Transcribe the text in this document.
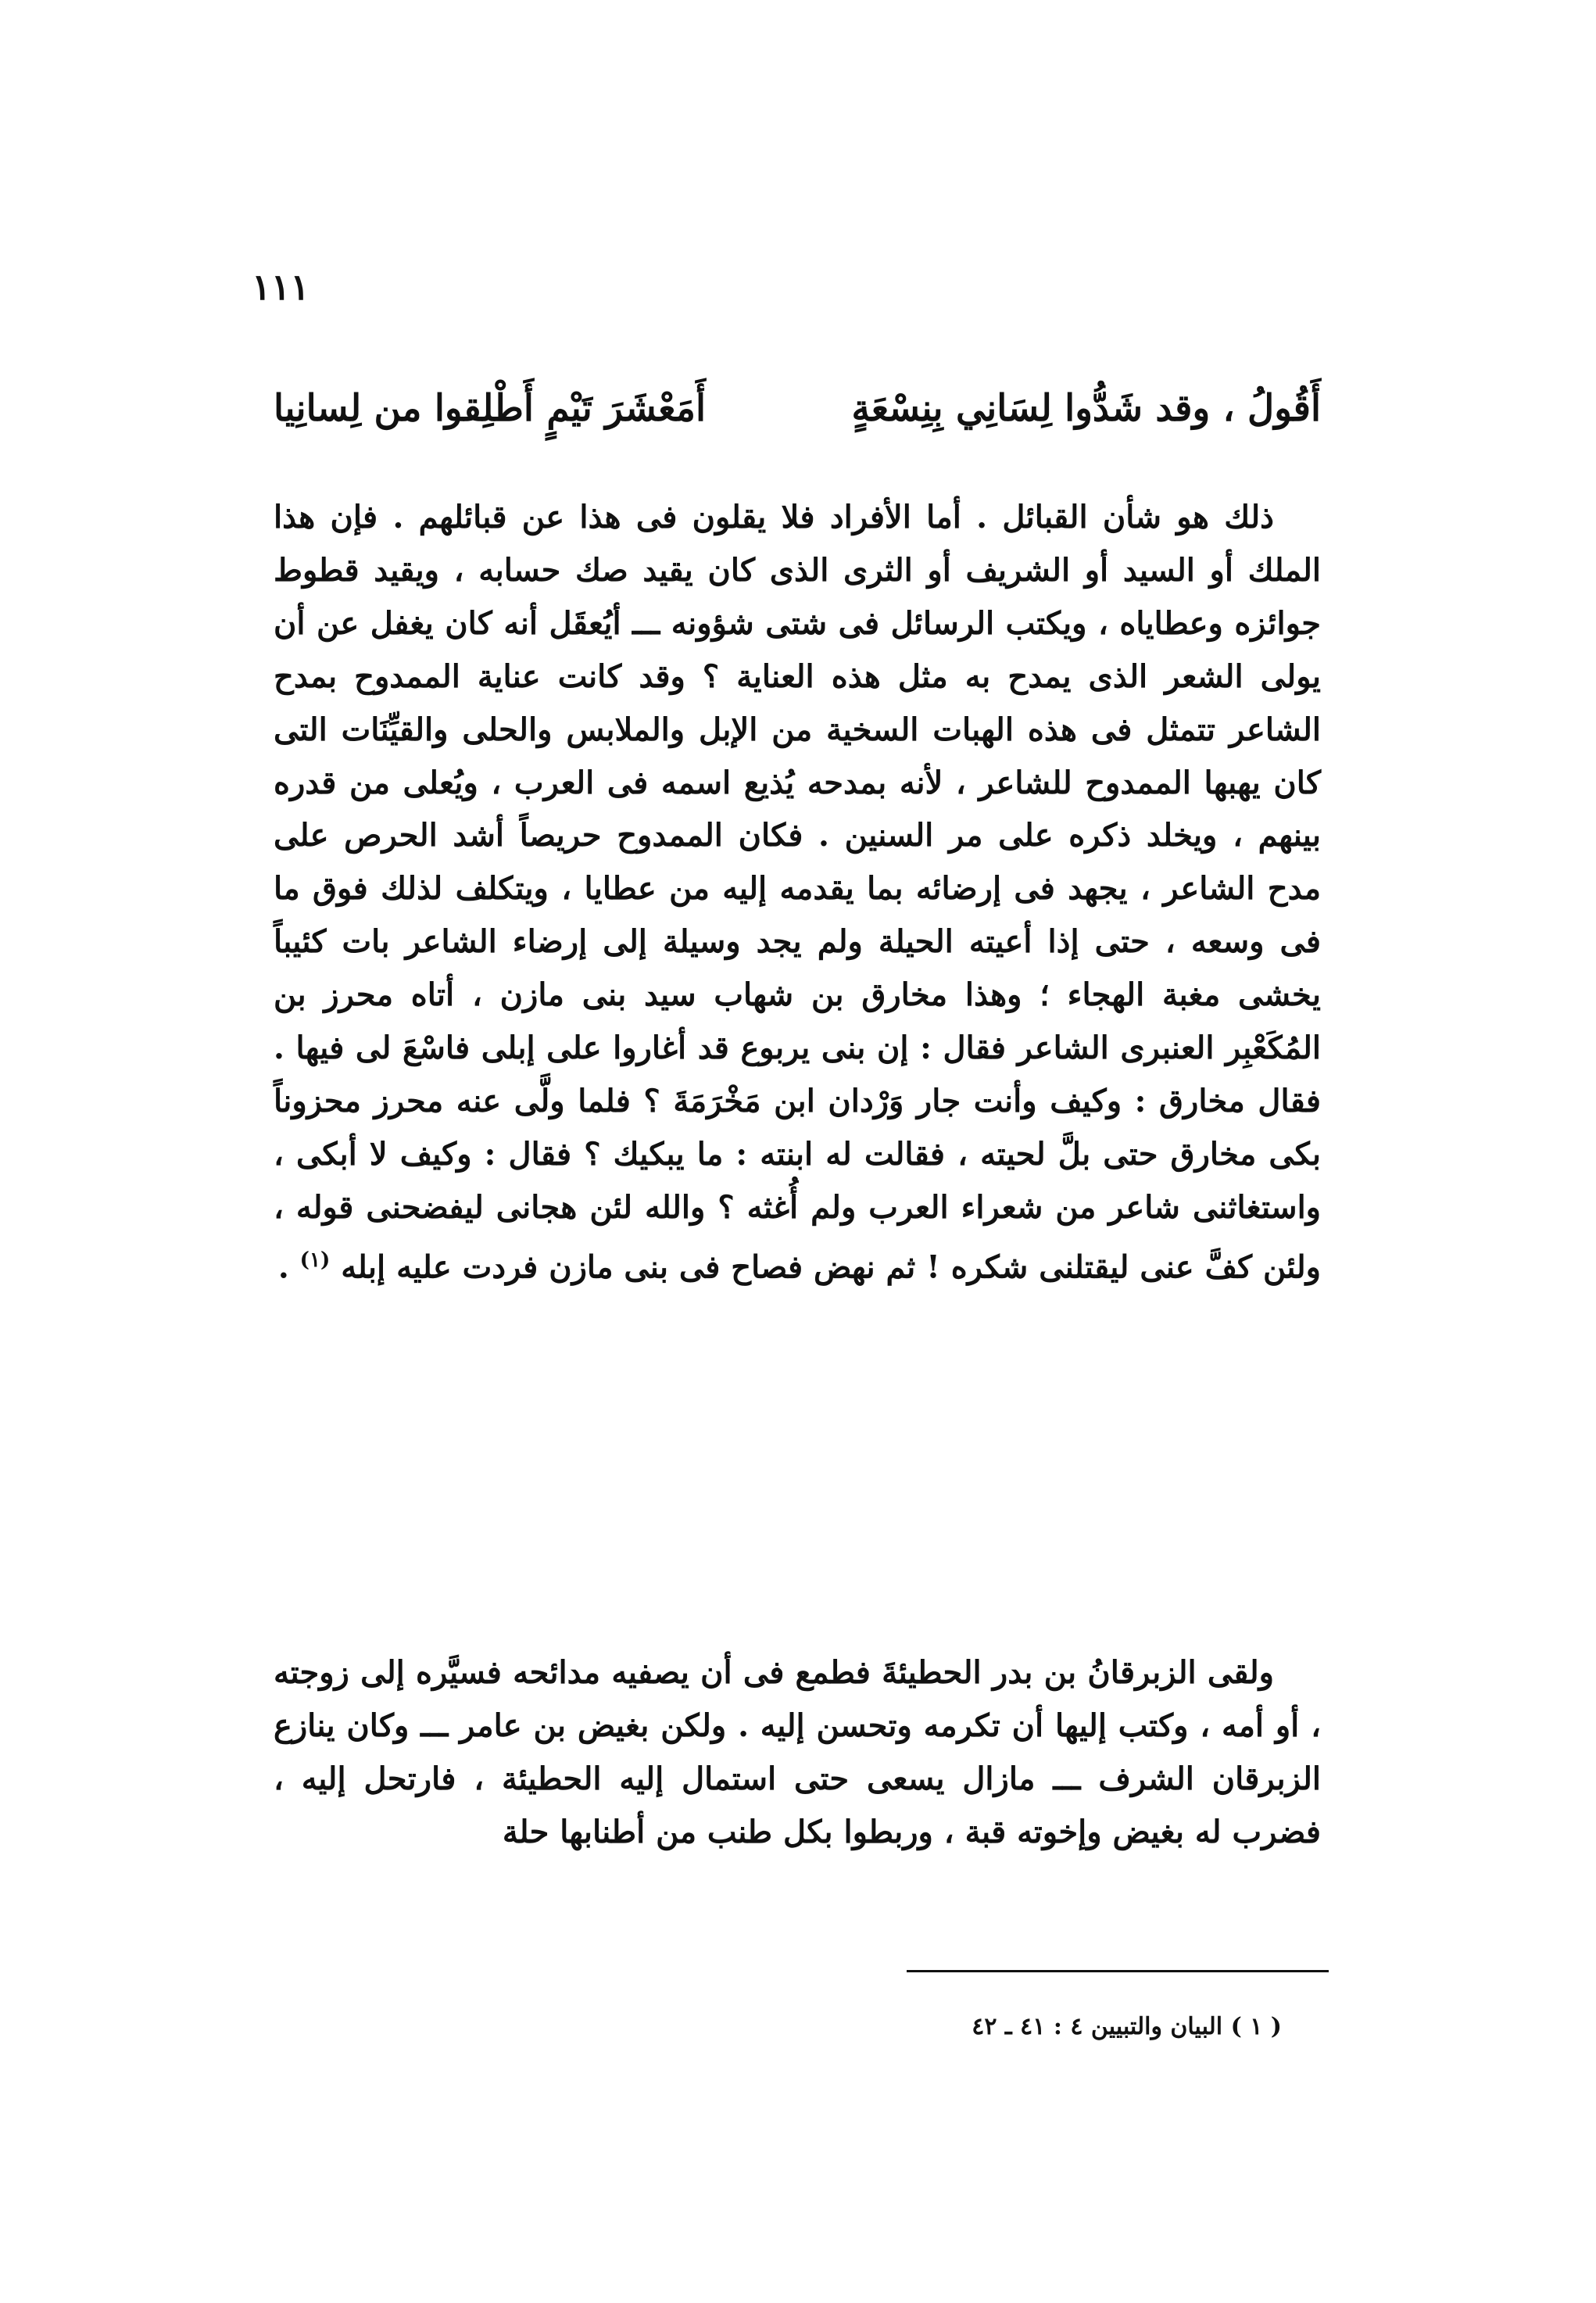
١١١
أَقُولُ ، وقد شَدُّوا لِسَانِي بِنِسْعَةٍ
أَمَعْشَرَ تَيْمٍ أَطْلِقوا من لِسانِيا

ذلك هو شأن القبائل . أما الأفراد فلا يقلون فى هذا عن قبائلهم . فإن هذا الملك أو السيد أو الشريف أو الثرى الذى كان يقيد صك حسابه ، ويقيد قطوط جوائزه وعطاياه ، ويكتب الرسائل فى شتى شؤونه ـــ أيُعقَل أنه كان يغفل عن أن يولى الشعر الذى يمدح به مثل هذه العناية ؟ وقد كانت عناية الممدوح بمدح الشاعر تتمثل فى هذه الهبات السخية من الإبل والملابس والحلى والقيِّنَات التى كان يهبها الممدوح للشاعر ، لأنه بمدحه يُذيع اسمه فى العرب ، ويُعلى من قدره بينهم ، ويخلد ذكره على مر السنين . فكان الممدوح حريصاً أشد الحرص على مدح الشاعر ، يجهد فى إرضائه بما يقدمه إليه من عطايا ، ويتكلف لذلك فوق ما فى وسعه ، حتى إذا أعيته الحيلة ولم يجد وسيلة إلى إرضاء الشاعر بات كئيباً يخشى مغبة الهجاء ؛ وهذا مخارق بن شهاب سيد بنى مازن ، أتاه محرز بن المُكَعْبِر العنبرى الشاعر فقال : إن بنى يربوع قد أغاروا على إبلى فاسْعَ لى فيها . فقال مخارق : وكيف وأنت جار وَرْدان ابن مَخْرَمَةَ ؟ فلما ولَّى عنه محرز محزوناً بكى مخارق حتى بلَّ لحيته ، فقالت له ابنته : ما يبكيك ؟ فقال : وكيف لا أبكى ، واستغاثنى شاعر من شعراء العرب ولم أُغثه ؟ والله لئن هجانى ليفضحنى قوله ، ولئن كفَّ عنى ليقتلنى شكره ! ثم نهض فصاح فى بنى مازن فردت عليه إبله $^{(١)}$ .

ولقى الزبرقانُ بن بدر الحطيئةَ فطمع فى أن يصفيه مدائحه فسيَّره إلى زوجته ، أو أمه ، وكتب إليها أن تكرمه وتحسن إليه . ولكن بغيض بن عامر ـــ وكان ينازع الزبرقان الشرف ـــ مازال يسعى حتى استمال إليه الحطيئة ، فارتحل إليه ، فضرب له بغيض وإخوته قبة ، وربطوا بكل طنب من أطنابها حلة

( ١ ) البيان والتبيين ٤ : ٤١ ـ ٤٢
